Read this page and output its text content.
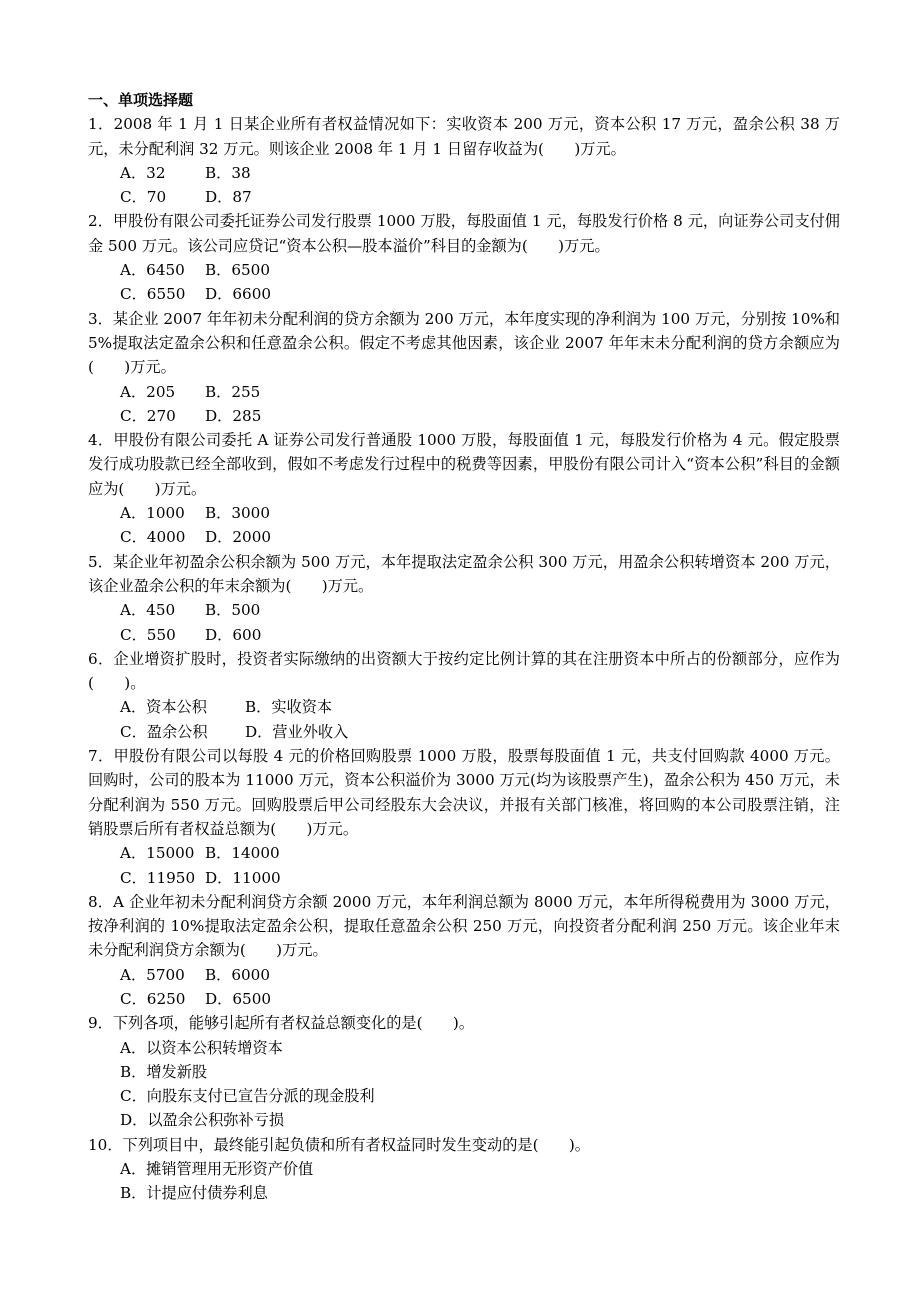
一、单项选择题
1．2008 年 1 月 1 日某企业所有者权益情况如下：实收资本 200 万元，资本公积 17 万元，盈余公积 38 万元，未分配利润 32 万元。则该企业 2008 年 1 月 1 日留存收益为(　　)万元。
A．32	B．38
C．70	D．87
2．甲股份有限公司委托证券公司发行股票 1000 万股，每股面值 1 元，每股发行价格 8 元，向证券公司支付佣金 500 万元。该公司应贷记“资本公积—股本溢价”科目的金额为(　　)万元。
A．6450	B．6500
C．6550	D．6600
3．某企业 2007 年年初未分配利润的贷方余额为 200 万元，本年度实现的净利润为 100 万元，分别按 10%和 5%提取法定盈余公积和任意盈余公积。假定不考虑其他因素，该企业 2007 年年末未分配利润的贷方余额应为(　　)万元。
A．205	B．255
C．270	D．285
4．甲股份有限公司委托 A 证券公司发行普通股 1000 万股，每股面值 1 元，每股发行价格为 4 元。假定股票发行成功股款已经全部收到，假如不考虑发行过程中的税费等因素，甲股份有限公司计入“资本公积”科目的金额应为(　　)万元。
A．1000	B．3000
C．4000	D．2000
5．某企业年初盈余公积余额为 500 万元，本年提取法定盈余公积 300 万元，用盈余公积转增资本 200 万元，该企业盈余公积的年末余额为(　　)万元。
A．450	B．500
C．550	D．600
6．企业增资扩股时，投资者实际缴纳的出资额大于按约定比例计算的其在注册资本中所占的份额部分，应作为(　　)。
A．资本公积	B．实收资本
C．盈余公积	D．营业外收入
7．甲股份有限公司以每股 4 元的价格回购股票 1000 万股，股票每股面值 1 元，共支付回购款 4000 万元。回购时，公司的股本为 11000 万元，资本公积溢价为 3000 万元(均为该股票产生)，盈余公积为 450 万元，未分配利润为 550 万元。回购股票后甲公司经股东大会决议，并报有关部门核准，将回购的本公司股票注销，注销股票后所有者权益总额为(　　)万元。
A．15000 B．14000
C．11950 D．11000
8．A 企业年初未分配利润贷方余额 2000 万元，本年利润总额为 8000 万元，本年所得税费用为 3000 万元，按净利润的 10%提取法定盈余公积，提取任意盈余公积 250 万元，向投资者分配利润 250 万元。该企业年末未分配利润贷方余额为(　　)万元。
A．5700	B．6000
C．6250	D．6500
9．下列各项，能够引起所有者权益总额变化的是(　　)。
A．以资本公积转增资本
B．增发新股
C．向股东支付已宣告分派的现金股利
D．以盈余公积弥补亏损
10．下列项目中，最终能引起负债和所有者权益同时发生变动的是(　　)。
A．摊销管理用无形资产价值
B．计提应付债券利息
